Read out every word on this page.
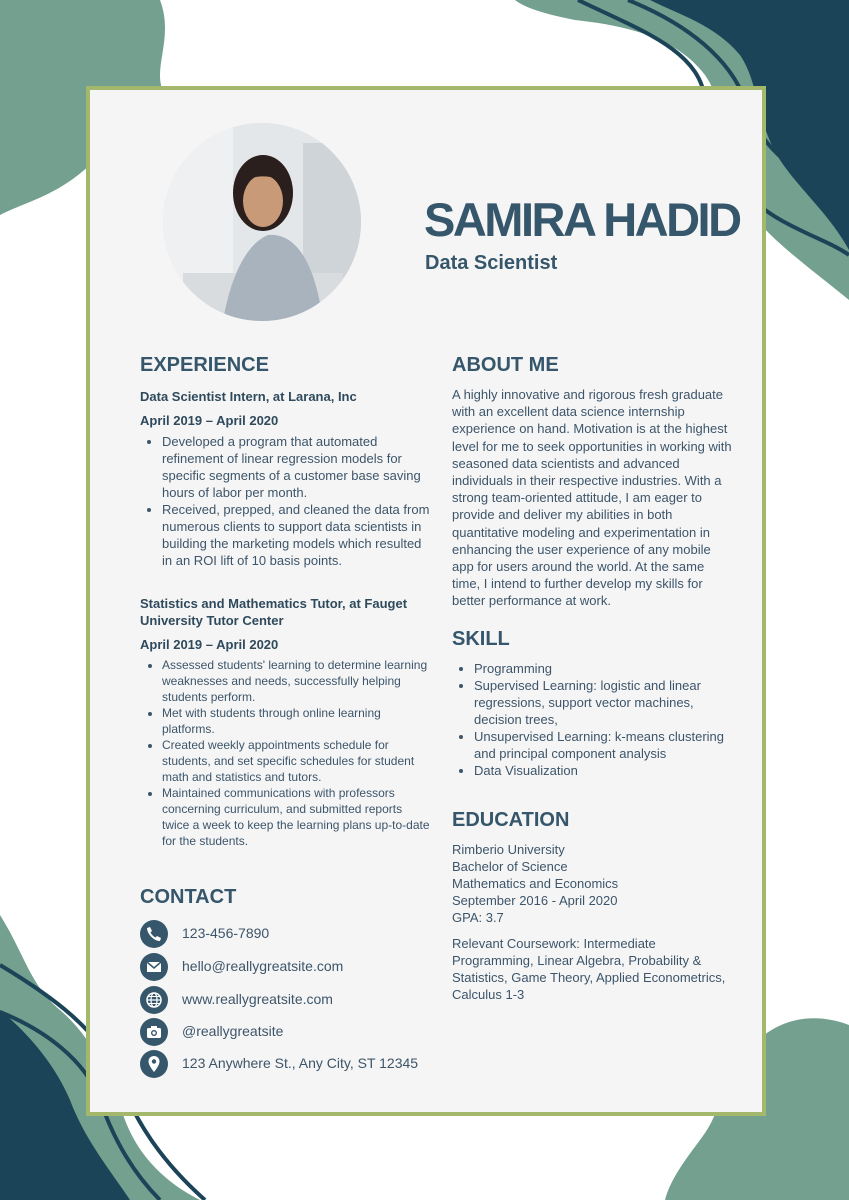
SAMIRA HADID
Data Scientist
EXPERIENCE

Data Scientist Intern, at Larana, Inc

April 2019 – April 2020

• Developed a program that automated refinement of linear regression models for specific segments of a customer base saving hours of labor per month.
• Received, prepped, and cleaned the data from numerous clients to support data scientists in building the marketing models which resulted in an ROI lift of 10 basis points.

Statistics and Mathematics Tutor, at Fauget University Tutor Center

April 2019 – April 2020

• Assessed students' learning to determine learning weaknesses and needs, successfully helping students perform.
• Met with students through online learning platforms.
• Created weekly appointments schedule for students, and set specific schedules for student math and statistics and tutors.
• Maintained communications with professors concerning curriculum, and submitted reports twice a week to keep the learning plans up-to-date for the students.
CONTACT
123-456-7890
hello@reallygreatsite.com
www.reallygreatsite.com
@reallygreatsite
123 Anywhere St., Any City, ST 12345
ABOUT ME

A highly innovative and rigorous fresh graduate with an excellent data science internship experience on hand. Motivation is at the highest level for me to seek opportunities in working with seasoned data scientists and advanced individuals in their respective industries. With a strong team-oriented attitude, I am eager to provide and deliver my abilities in both quantitative modeling and experimentation in enhancing the user experience of any mobile app for users around the world. At the same time, I intend to further develop my skills for better performance at work.

SKILL
• Programming
• Supervised Learning: logistic and linear regressions, support vector machines, decision trees,
• Unsupervised Learning: k-means clustering and principal component analysis
• Data Visualization
EDUCATION
Rimberio University
Bachelor of Science
Mathematics and Economics
September 2016 - April 2020
GPA: 3.7

Relevant Coursework: Intermediate Programming, Linear Algebra, Probability & Statistics, Game Theory, Applied Econometrics, Calculus 1-3
